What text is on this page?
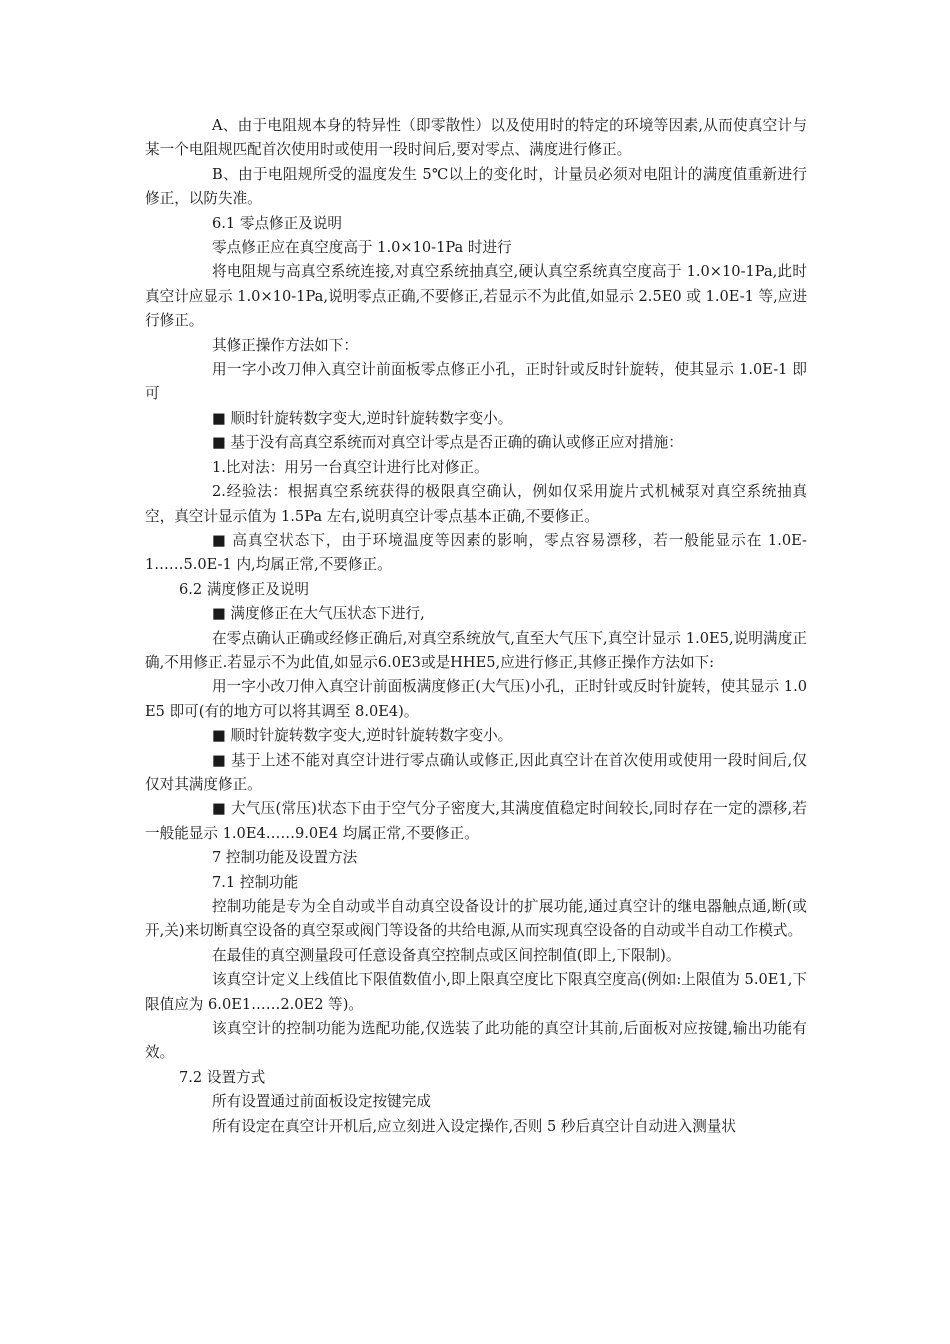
A、由于电阻规本身的特异性（即零散性）以及使用时的特定的环境等因素,从而使真空计与某一个电阻规匹配首次使用时或使用一段时间后,要对零点、满度进行修正。

B、由于电阻规所受的温度发生 5℃以上的变化时，计量员必须对电阻计的满度值重新进行修正，以防失准。

6.1 零点修正及说明

零点修正应在真空度高于 1.0×10-1Pa 时进行

将电阻规与高真空系统连接,对真空系统抽真空,硬认真空系统真空度高于 1.0×10-1Pa,此时真空计应显示 1.0×10-1Pa,说明零点正确,不要修正,若显示不为此值,如显示 2.5E0 或 1.0E-1 等,应进行修正。

其修正操作方法如下：

用一字小改刀伸入真空计前面板零点修正小孔，正时针或反时针旋转，使其显示 1.0E-1 即可

■ 顺时针旋转数字变大,逆时针旋转数字变小。

■ 基于没有高真空系统而对真空计零点是否正确的确认或修正应对措施：

1.比对法：用另一台真空计进行比对修正。

2.经验法：根据真空系统获得的极限真空确认，例如仅采用旋片式机械泵对真空系统抽真空，真空计显示值为 1.5Pa 左右,说明真空计零点基本正确,不要修正。

■ 高真空状态下，由于环境温度等因素的影响，零点容易漂移，若一般能显示在 1.0E-1……5.0E-1 内,均属正常,不要修正。

6.2 满度修正及说明

■ 满度修正在大气压状态下进行,

在零点确认正确或经修正确后,对真空系统放气,直至大气压下,真空计显示 1.0E5,说明满度正确,不用修正.若显示不为此值,如显示6.0E3或是HHE5,应进行修正,其修正操作方法如下:

用一字小改刀伸入真空计前面板满度修正(大气压)小孔，正时针或反时针旋转，使其显示 1.0E5 即可(有的地方可以将其调至 8.0E4)。

■ 顺时针旋转数字变大,逆时针旋转数字变小。

■ 基于上述不能对真空计进行零点确认或修正,因此真空计在首次使用或使用一段时间后,仅仅对其满度修正。

■ 大气压(常压)状态下由于空气分子密度大,其满度值稳定时间较长,同时存在一定的漂移,若一般能显示 1.0E4……9.0E4 均属正常,不要修正。

7 控制功能及设置方法

7.1 控制功能

控制功能是专为全自动或半自动真空设备设计的扩展功能,通过真空计的继电器触点通,断(或开,关)来切断真空设备的真空泵或阀门等设备的共给电源,从而实现真空设备的自动或半自动工作模式。

在最佳的真空测量段可任意设备真空控制点或区间控制值(即上,下限制)。

该真空计定义上线值比下限值数值小,即上限真空度比下限真空度高(例如:上限值为 5.0E1,下限值应为 6.0E1……2.0E2 等)。

该真空计的控制功能为选配功能,仅选装了此功能的真空计其前,后面板对应按键,输出功能有效。

7.2 设置方式

所有设置通过前面板设定按键完成

所有设定在真空计开机后,应立刻进入设定操作,否则 5 秒后真空计自动进入测量状
